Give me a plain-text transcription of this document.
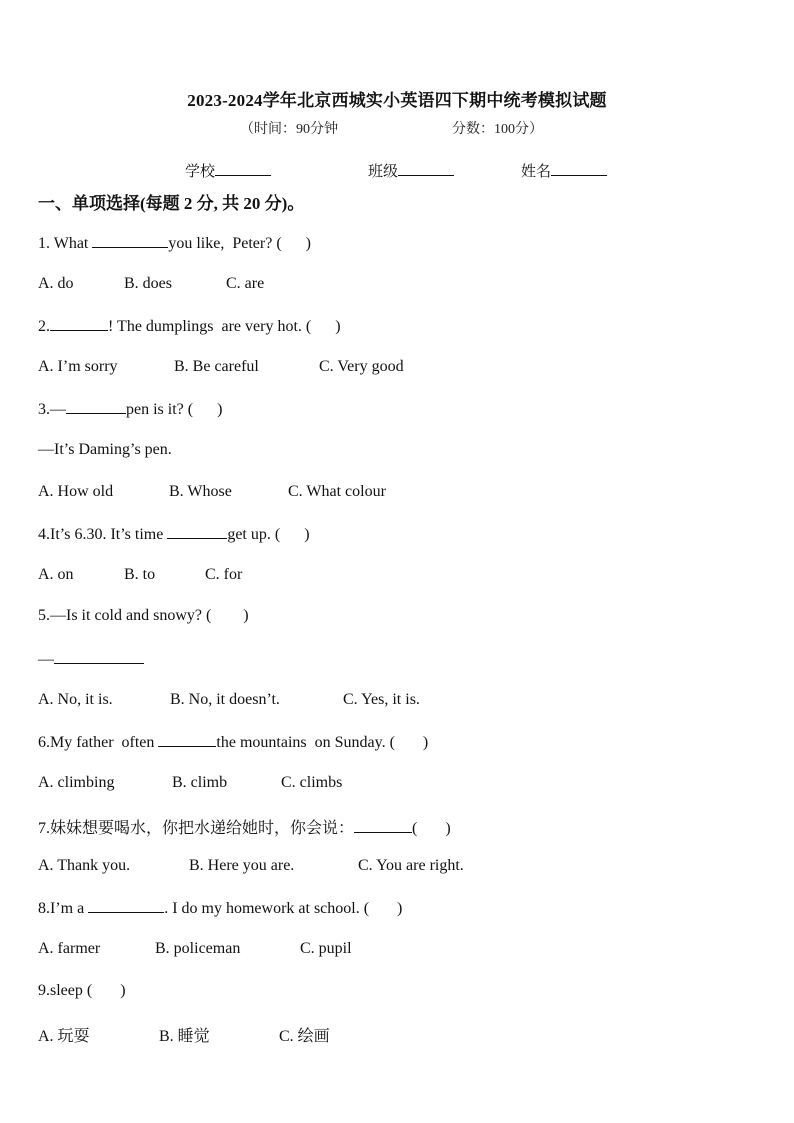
2023-2024学年北京西城实小英语四下期中统考模拟试题
（时间：90分钟	分数：100分）
学校	班级	姓名
一、单项选择(每题 2 分, 共 20 分)。
1. What	you like,  Peter? (      )
A. do	B. does	C. are
2.	! The dumplings  are very hot. (      )
A. I’m sorry	B. Be careful	C. Very good
3.—	pen is it? (      )
—It’s Daming’s pen.
A. How old	B. Whose	C. What colour
4.It’s 6.30. It’s time	get up. (      )
A. on	B. to	C. for
5.—Is it cold and snowy? (        )
—
A. No, it is.	B. No, it doesn’t.	C. Yes, it is.
6.My father  often	the mountains  on Sunday. (       )
A. climbing	B. climb	C. climbs
7.妹妹想要喝水，你把水递给她时，你会说：	(       )
A. Thank you.	B. Here you are.	C. You are right.
8.I’m a	. I do my homework at school. (       )
A. farmer	B. policeman	C. pupil
9.sleep (       )
A. 玩耍	B. 睡觉	C. 绘画
